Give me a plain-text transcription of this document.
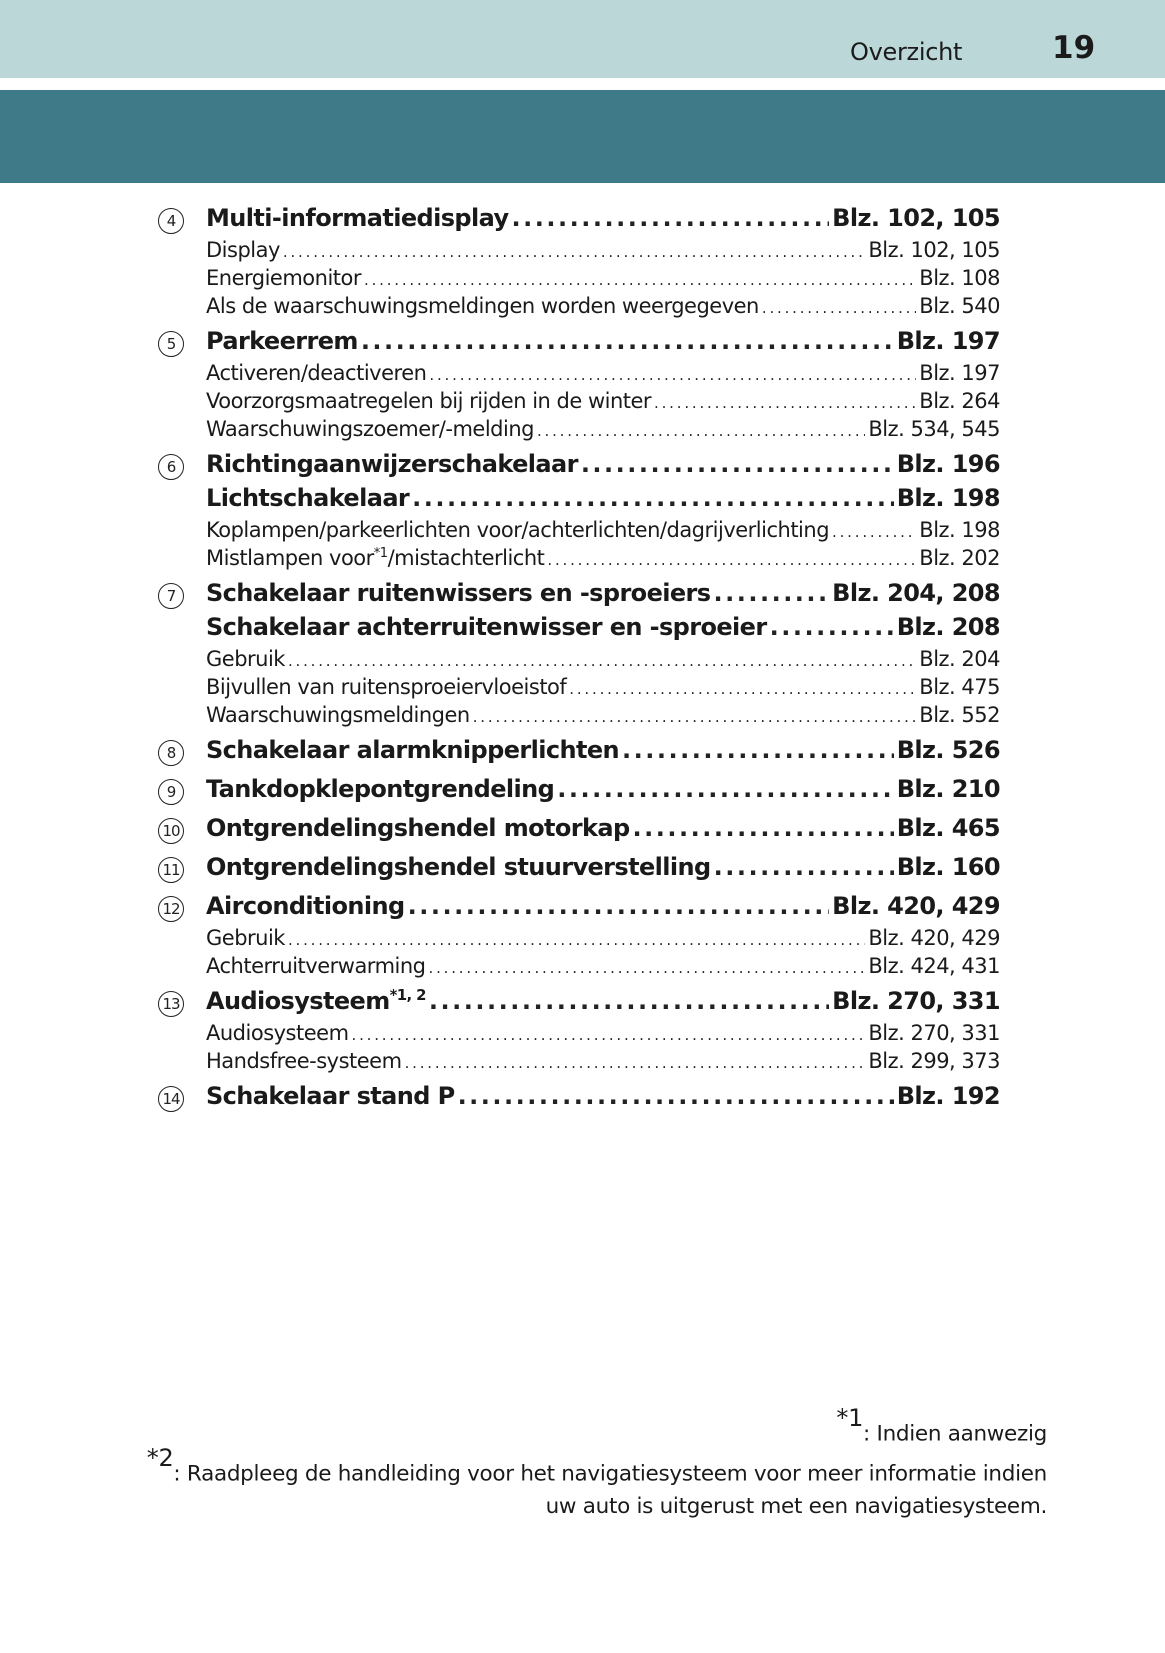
Overzicht	19
4	Multi-informatiedisplay .....	Blz. 102, 105
Display .....	Blz. 102, 105
Energiemonitor .....	Blz. 108
Als de waarschuwingsmeldingen worden weergegeven .....	Blz. 540
5	Parkeerrem .....	Blz. 197
Activeren/deactiveren .....	Blz. 197
Voorzorgsmaatregelen bij rijden in de winter .....	Blz. 264
Waarschuwingszoemer/-melding .....	Blz. 534, 545
6	Richtingaanwijzerschakelaar .....	Blz. 196
Lichtschakelaar .....	Blz. 198
Koplampen/parkeerlichten voor/achterlichten/dagrijverlichting .....	Blz. 198
Mistlampen voor$^{*1}$/mistachterlicht .....	Blz. 202
7	Schakelaar ruitenwissers en -sproeiers .....	Blz. 204, 208
Schakelaar achterruitenwisser en -sproeier .....	Blz. 208
Gebruik .....	Blz. 204
Bijvullen van ruitensproeiervloeistof .....	Blz. 475
Waarschuwingsmeldingen .....	Blz. 552
8	Schakelaar alarmknipperlichten .....	Blz. 526
9	Tankdopklepontgrendeling .....	Blz. 210
10 Ontgrendelingshendel motorkap .....	Blz. 465
11 Ontgrendelingshendel stuurverstelling .....	Blz. 160
12 Airconditioning .....	Blz. 420, 429
Gebruik .....	Blz. 420, 429
Achterruitverwarming .....	Blz. 424, 431
13 Audiosysteem$^{*1, 2}$ .....	Blz. 270, 331
Audiosysteem .....	Blz. 270, 331
Handsfree-systeem .....	Blz. 299, 373
14 Schakelaar stand P .....	Blz. 192
$^{*1}$: Indien aanwezig
$^{*2}$: Raadpleeg de handleiding voor het navigatiesysteem voor meer informatie indien uw auto is uitgerust met een navigatiesysteem.
